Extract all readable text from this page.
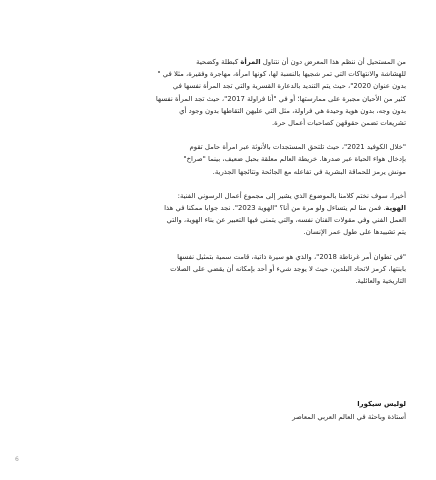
من المستحيل أن ننظم هذا المعرض دون أن نتناول المرأة كبطلة وكضحية
للهشاشة والانتهاكات التي تمر شجيها بالنسبة لها، كونها امرأة، مهاجرة وفقيرة، مثلا في "
بدون عنوان 2020"، حيث يتم التنديد بالدعارة القسرية والتي تجد المرأة نفسها في
كثير من الأحيان مجبرة على ممارستها؛ أو في "أنا فراولة 2017"، حيث تجد المرأة نفسها
بدون وجه، بدون هوية وحيدة هي فراولة، مثل التي عليهن التقاطها بدون وجود أي
تشريعات تضمن حقوقهن كصاحبات أعمال حرة.
"خلال الكوفيد 2021"، حيث تلتحق المستجدات بالأنوثة عبر امرأة حامل تقوم
بإدخال هواء الحياة عبر صدرها. خريطة العالم معلقة بحبل ضعيف، بينما "صراخ"
مونش يرمز للحماقة البشرية في تفاعله مع الجائحة ونتائجها الجذرية.
أخيرا، سوف نختم كلامنا بالموضوع الذي يشير إلى مجموع أعمال الرسوني الفنية:
الهوية. فمن منا لم يتساءل ولو مرة من أنا؟ "الهوية 2023". نجد جوابا ممكنا في هذا
العمل الفني وفي مقولات الفنان نفسه، والتي يتمنى فيها التعبير عن بناء الهوية، والتي
يتم تشييدها على طول عمر الإنسان.
"في تطوان أمر غرناطة 2018"، والذي هو سيرة ذاتية، قامت سمية بتمثيل نفسها
بابنتها، كرمز لاتحاد البلدين، حيث لا يوجد شيء أو أحد بإمكانه أن يقضي على الصلات
التاريخية والعائلية.
لوليس سيكورا
أستاذة وباحثة في العالم العربي المعاصر
6
